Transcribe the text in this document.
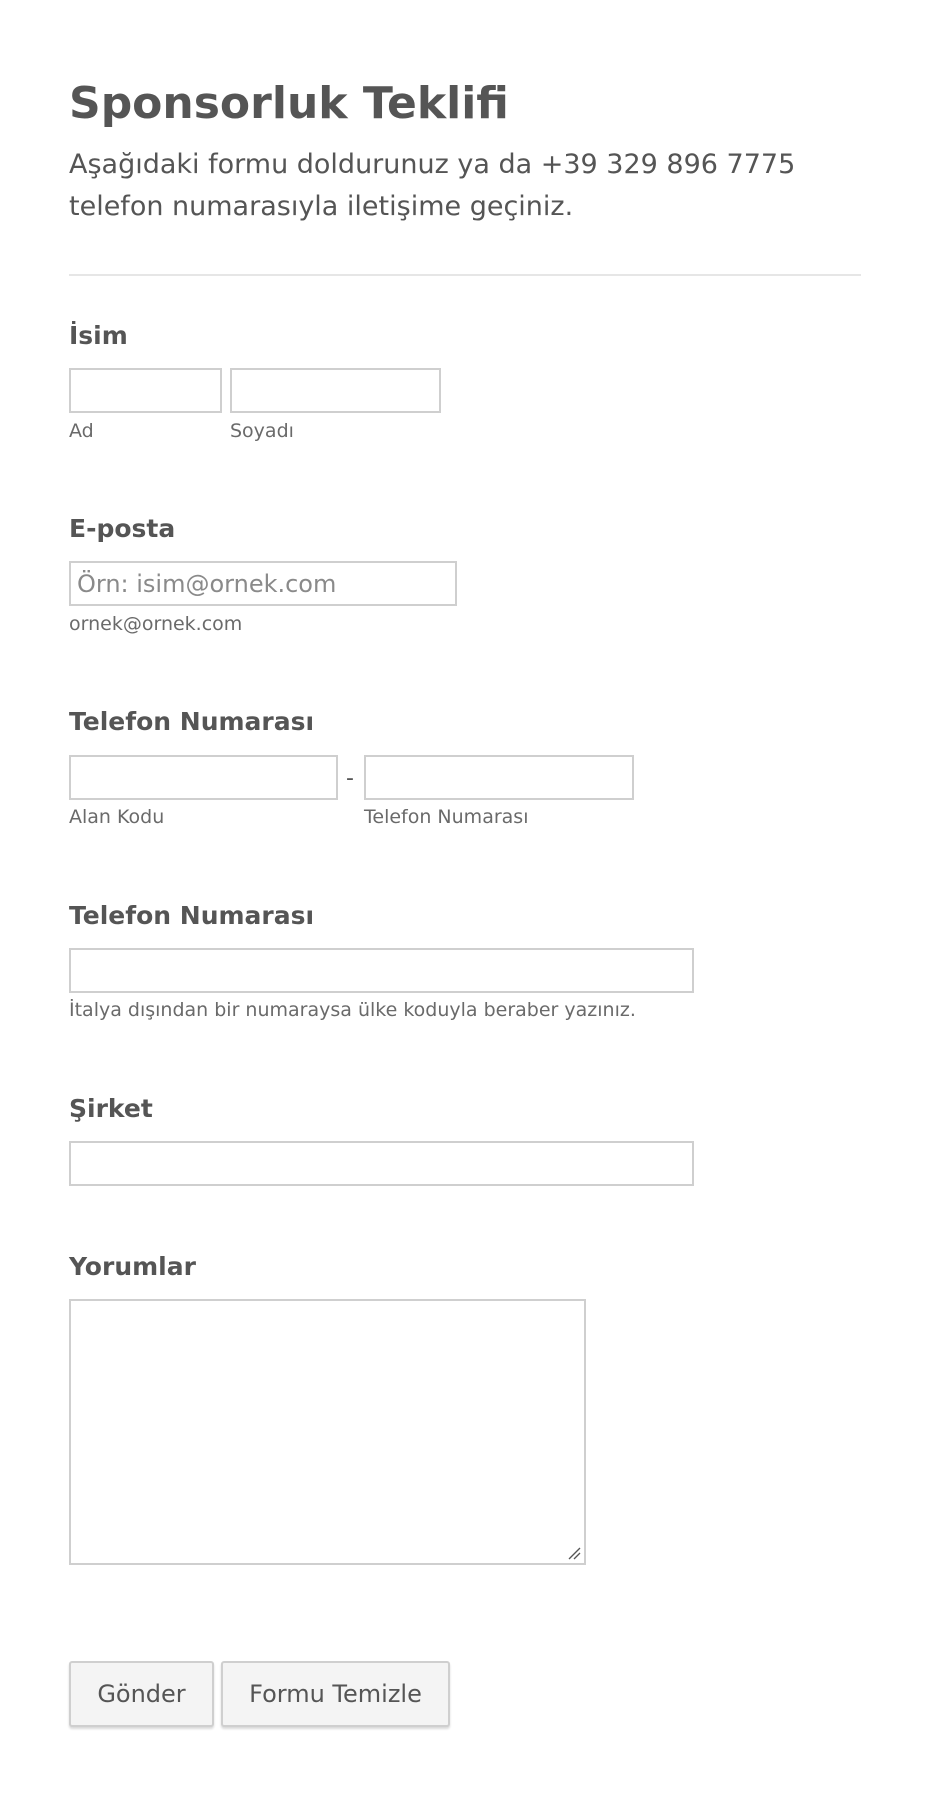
Sponsorluk Teklifi
Aşağıdaki formu doldurunuz ya da +39 329 896 7775 telefon numarasıyla iletişime geçiniz.
İsim
Ad	Soyadı
E-posta
Örn: isim@ornek.com
ornek@ornek.com
Telefon Numarası
-
Alan Kodu	Telefon Numarası
Telefon Numarası
İtalya dışından bir numaraysa ülke koduyla beraber yazınız.
Şirket
Yorumlar
Gönder	Formu Temizle
